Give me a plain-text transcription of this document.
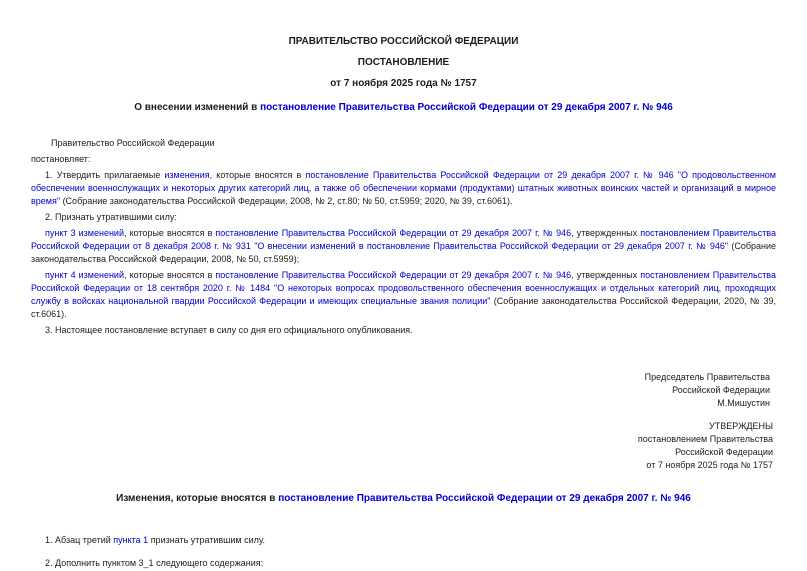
ПРАВИТЕЛЬСТВО РОССИЙСКОЙ ФЕДЕРАЦИИ
ПОСТАНОВЛЕНИЕ
от 7 ноября 2025 года № 1757
О внесении изменений в постановление Правительства Российской Федерации от 29 декабря 2007 г. № 946

Правительство Российской Федерации

постановляет:

1. Утвердить прилагаемые изменения, которые вносятся в постановление Правительства Российской Федерации от 29 декабря 2007 г. № 946 "О продовольственном обеспечении военнослужащих и некоторых других категорий лиц, а также об обеспечении кормами (продуктами) штатных животных воинских частей и организаций в мирное время" (Собрание законодательства Российской Федерации, 2008, № 2, ст.80; № 50, ст.5959; 2020, № 39, ст.6061).

2. Признать утратившими силу:

пункт 3 изменений, которые вносятся в постановление Правительства Российской Федерации от 29 декабря 2007 г. № 946, утвержденных постановлением Правительства Российской Федерации от 8 декабря 2008 г. № 931 "О внесении изменений в постановление Правительства Российской Федерации от 29 декабря 2007 г. № 946" (Собрание законодательства Российской Федерации, 2008, № 50, ст.5959);

пункт 4 изменений, которые вносятся в постановление Правительства Российской Федерации от 29 декабря 2007 г. № 946, утвержденных постановлением Правительства Российской Федерации от 18 сентября 2020 г. № 1484 "О некоторых вопросах продовольственного обеспечения военнослужащих и отдельных категорий лиц, проходящих службу в войсках национальной гвардии Российской Федерации и имеющих специальные звания полиции" (Собрание законодательства Российской Федерации, 2020, № 39, ст.6061).

3. Настоящее постановление вступает в силу со дня его официального опубликования.

Председатель Правительства
Российской Федерации
М.Мишустин
УТВЕРЖДЕНЫ
постановлением Правительства
Российской Федерации
от 7 ноября 2025 года № 1757
Изменения, которые вносятся в постановление Правительства Российской Федерации от 29 декабря 2007 г. № 946

1. Абзац третий пункта 1 признать утратившим силу.

2. Дополнить пунктом 3_1 следующего содержания:
